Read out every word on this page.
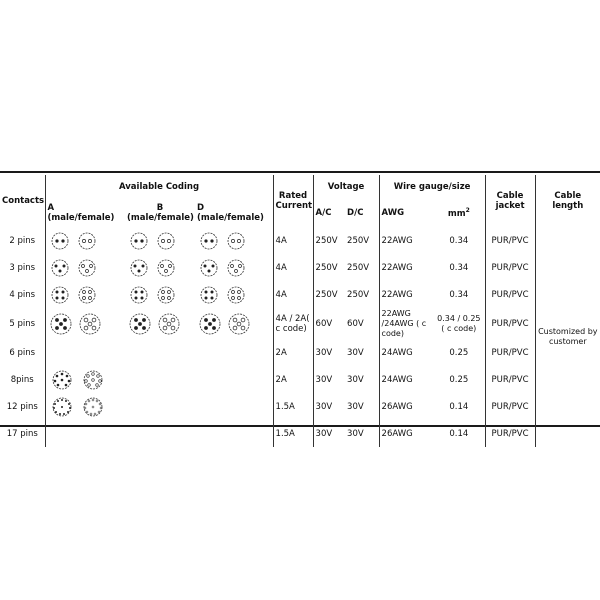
Contacts	Available Coding			Rated Current	Voltage		Wire gauge/size		Cable jacket	Cable length
	A (male/female)	B (male/female)	D (male/female)		A/C	D/C	AWG	$mm^2$
2 pins				4A	250V	250V	22AWG	0.34	PUR/PVC	Customized by customer
3 pins				4A	250V	250V	22AWG	0.34	PUR/PVC	
4 pins				4A	250V	250V	22AWG	0.34	PUR/PVC	
5 pins				4A / 2A( c code)	60V	60V	22AWG /24AWG ( c code)	0.34 / 0.25 ( c code)	PUR/PVC	
6 pins				2A	30V	30V	24AWG	0.25	PUR/PVC	
8pins				2A	30V	30V	24AWG	0.25	PUR/PVC	
12 pins				1.5A	30V	30V	26AWG	0.14	PUR/PVC	
17 pins				1.5A	30V	30V	26AWG	0.14	PUR/PVC	
